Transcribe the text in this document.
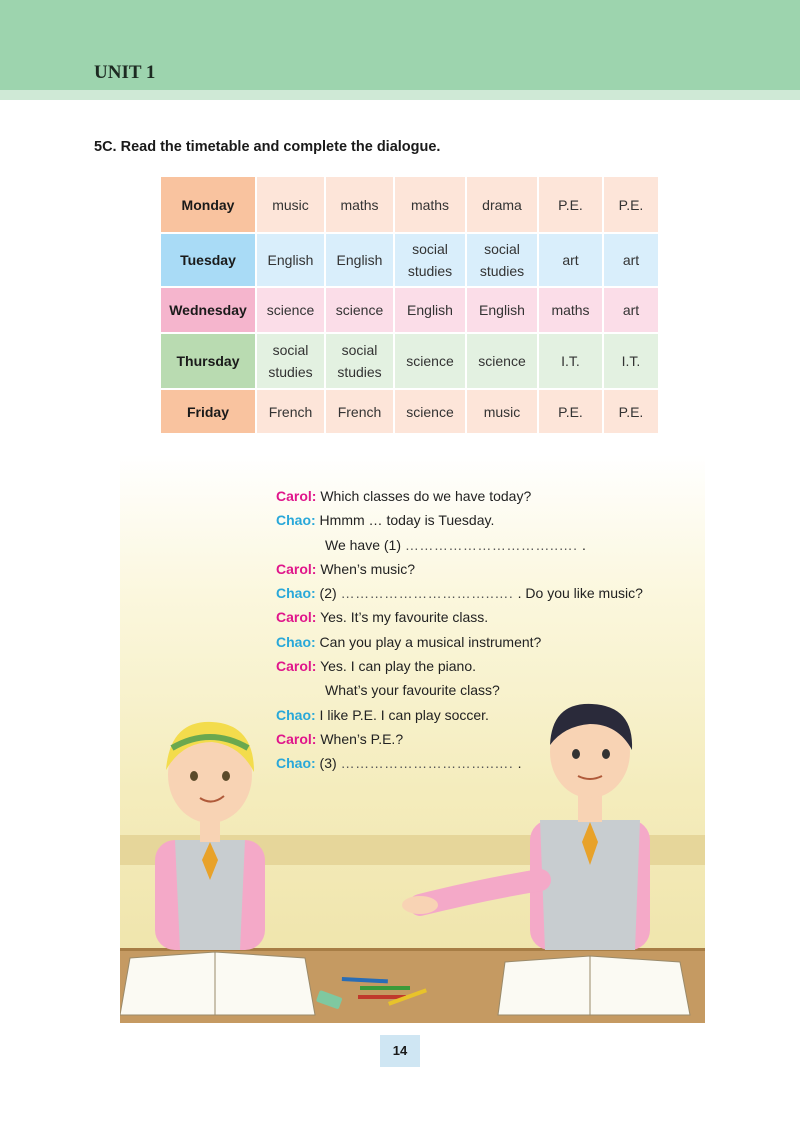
UNIT 1
5C. Read the timetable and complete the dialogue.
Monday	music	maths	maths	drama	P.E.	P.E.
Tuesday	English	English	social studies	social studies	art	art
Wednesday	science	science	English	English	maths	art
Thursday	social studies	social studies	science	science	I.T.	I.T.
Friday	French	French	science	music	P.E.	P.E.
Carol: Which classes do we have today?
Chao: Hmmm … today is Tuesday.
We have (1) …………………………..…. .
Carol: When’s music?
Chao: (2) …………………………..…. . Do you like music?
Carol: Yes. It’s my favourite class.
Chao: Can you play a musical instrument?
Carol: Yes. I can play the piano.
What’s your favourite class?
Chao: I like P.E. I can play soccer.
Carol: When’s P.E.?
Chao: (3) …………………………..…. .
14
